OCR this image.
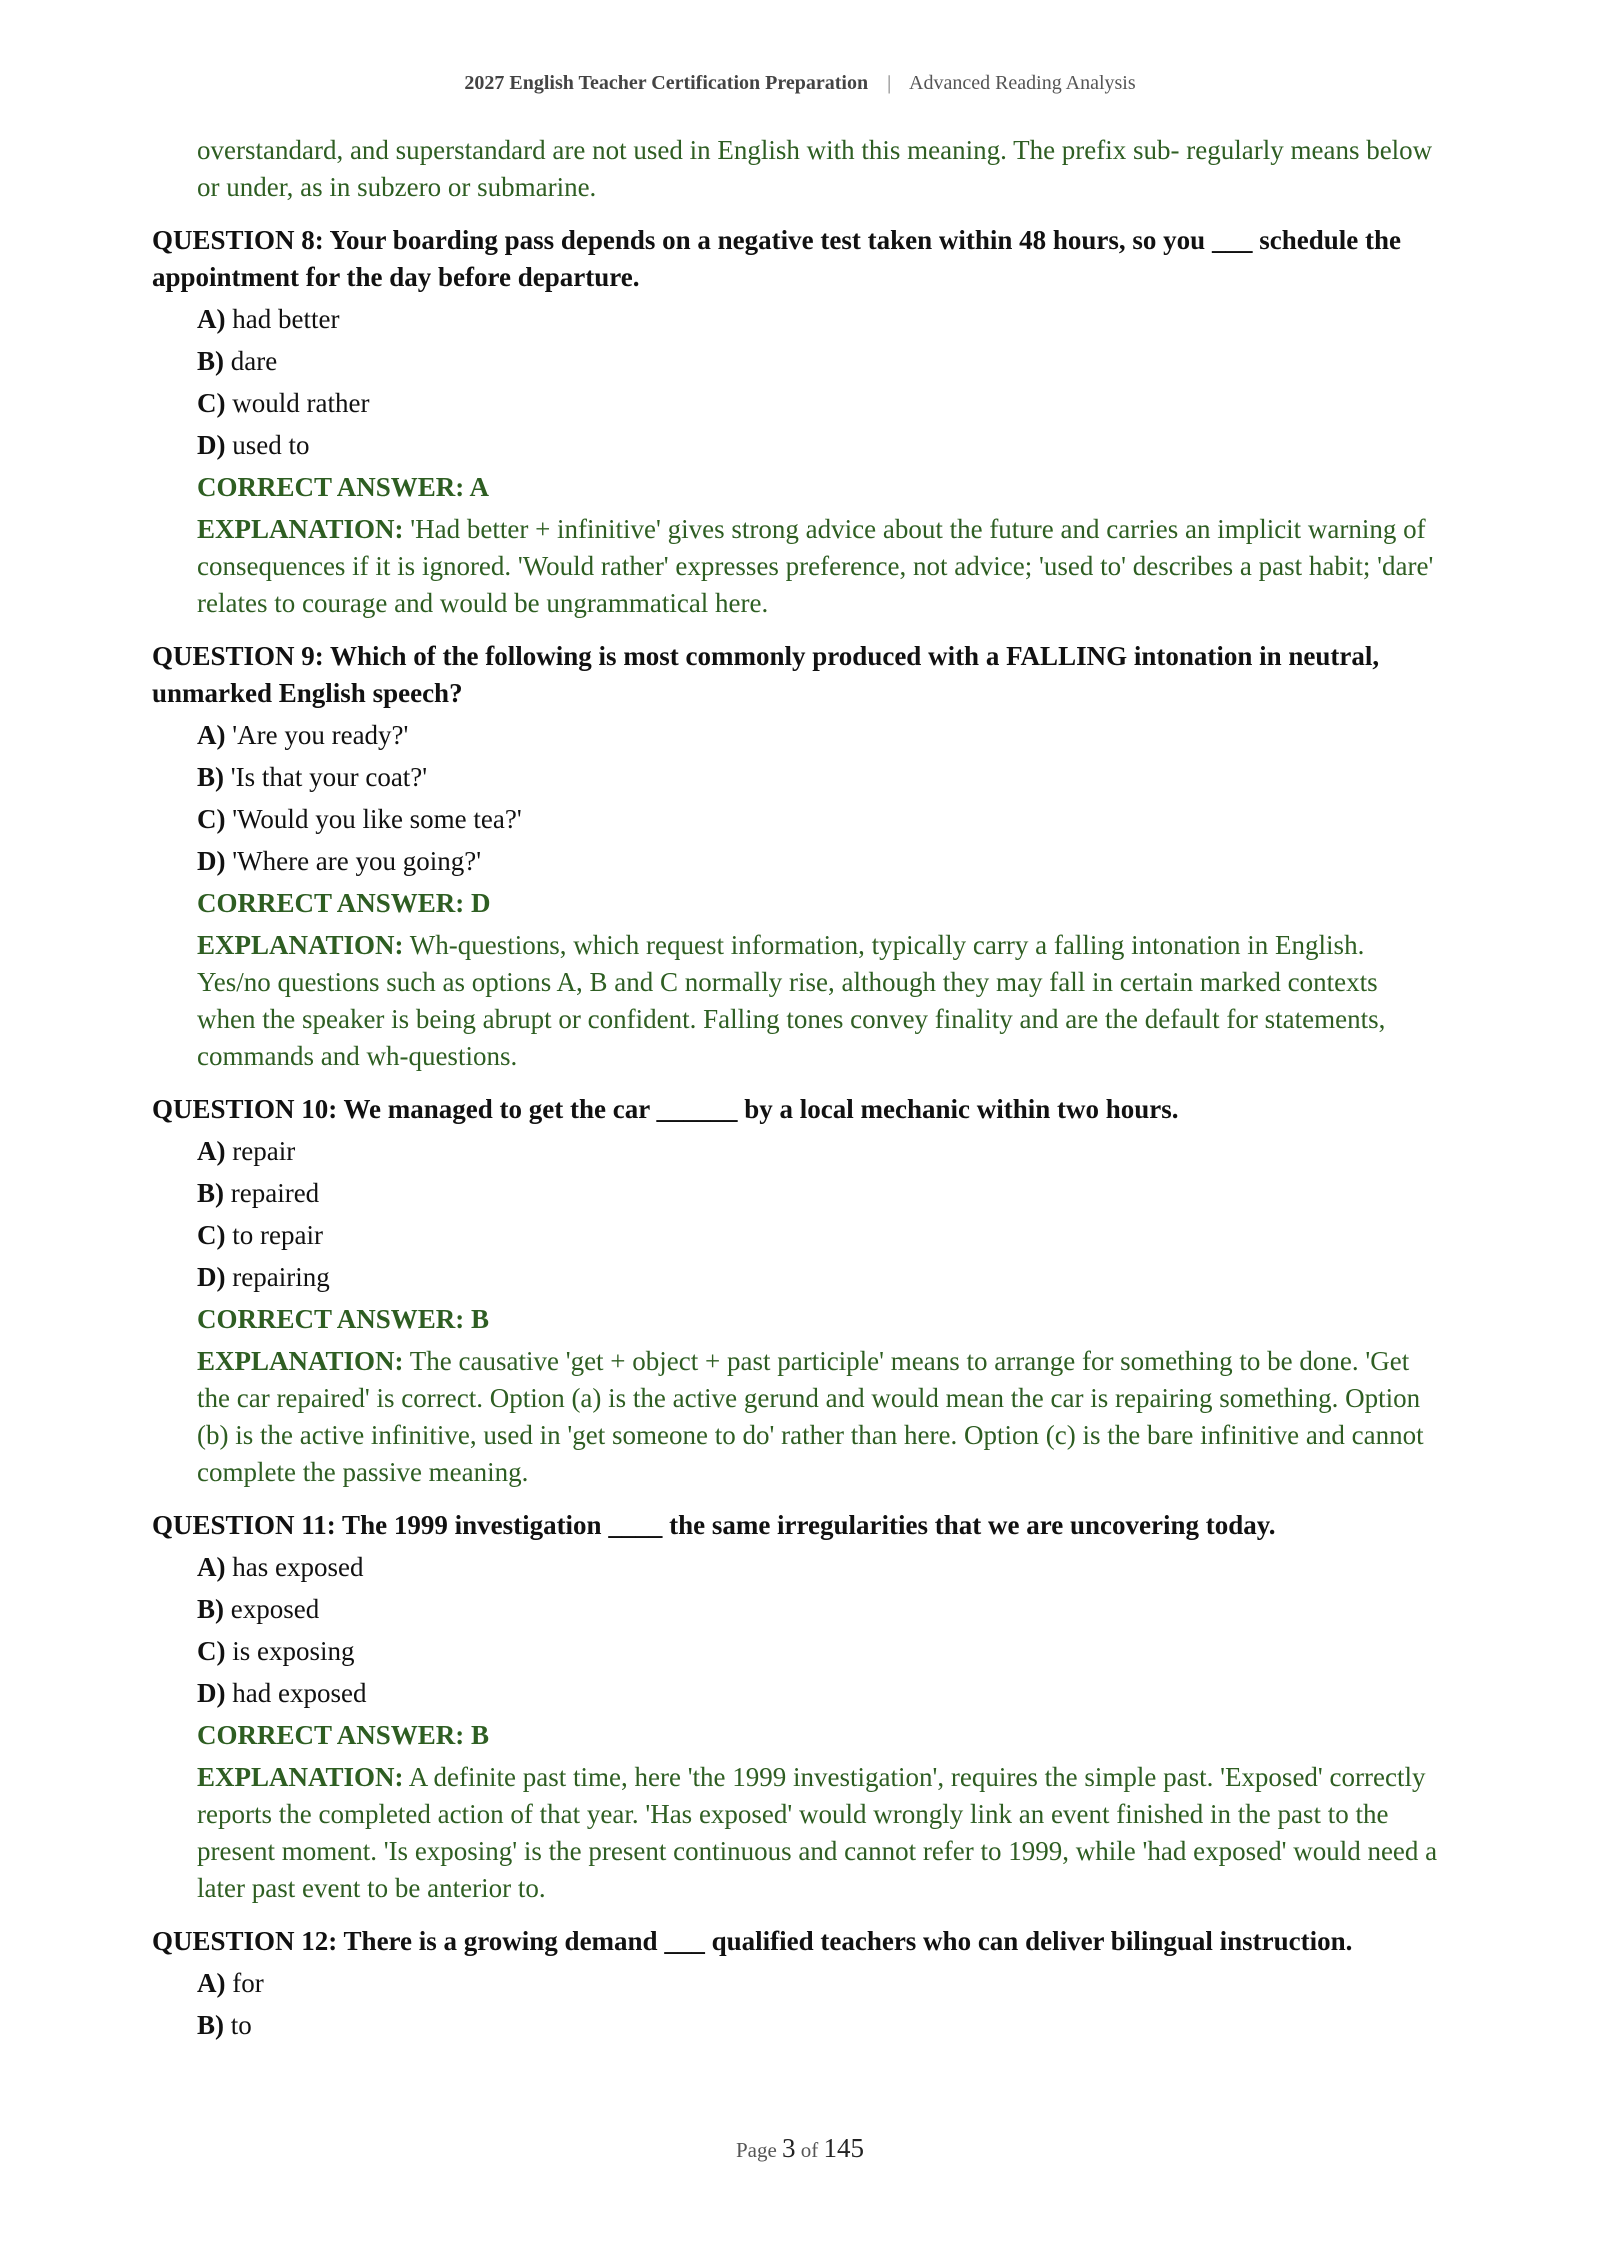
2027 English Teacher Certification Preparation | Advanced Reading Analysis
overstandard, and superstandard are not used in English with this meaning. The prefix sub- regularly means below or under, as in subzero or submarine.
QUESTION 8: Your boarding pass depends on a negative test taken within 48 hours, so you ___ schedule the appointment for the day before departure.
A) had better
B) dare
C) would rather
D) used to
CORRECT ANSWER: A
EXPLANATION: 'Had better + infinitive' gives strong advice about the future and carries an implicit warning of consequences if it is ignored. 'Would rather' expresses preference, not advice; 'used to' describes a past habit; 'dare' relates to courage and would be ungrammatical here.
QUESTION 9: Which of the following is most commonly produced with a FALLING intonation in neutral, unmarked English speech?
A) 'Are you ready?'
B) 'Is that your coat?'
C) 'Would you like some tea?'
D) 'Where are you going?'
CORRECT ANSWER: D
EXPLANATION: Wh-questions, which request information, typically carry a falling intonation in English. Yes/no questions such as options A, B and C normally rise, although they may fall in certain marked contexts when the speaker is being abrupt or confident. Falling tones convey finality and are the default for statements, commands and wh-questions.
QUESTION 10: We managed to get the car ______ by a local mechanic within two hours.
A) repair
B) repaired
C) to repair
D) repairing
CORRECT ANSWER: B
EXPLANATION: The causative 'get + object + past participle' means to arrange for something to be done. 'Get the car repaired' is correct. Option (a) is the active gerund and would mean the car is repairing something. Option (b) is the active infinitive, used in 'get someone to do' rather than here. Option (c) is the bare infinitive and cannot complete the passive meaning.
QUESTION 11: The 1999 investigation ____ the same irregularities that we are uncovering today.
A) has exposed
B) exposed
C) is exposing
D) had exposed
CORRECT ANSWER: B
EXPLANATION: A definite past time, here 'the 1999 investigation', requires the simple past. 'Exposed' correctly reports the completed action of that year. 'Has exposed' would wrongly link an event finished in the past to the present moment. 'Is exposing' is the present continuous and cannot refer to 1999, while 'had exposed' would need a later past event to be anterior to.
QUESTION 12: There is a growing demand ___ qualified teachers who can deliver bilingual instruction.
A) for
B) to
Page 3 of 145
